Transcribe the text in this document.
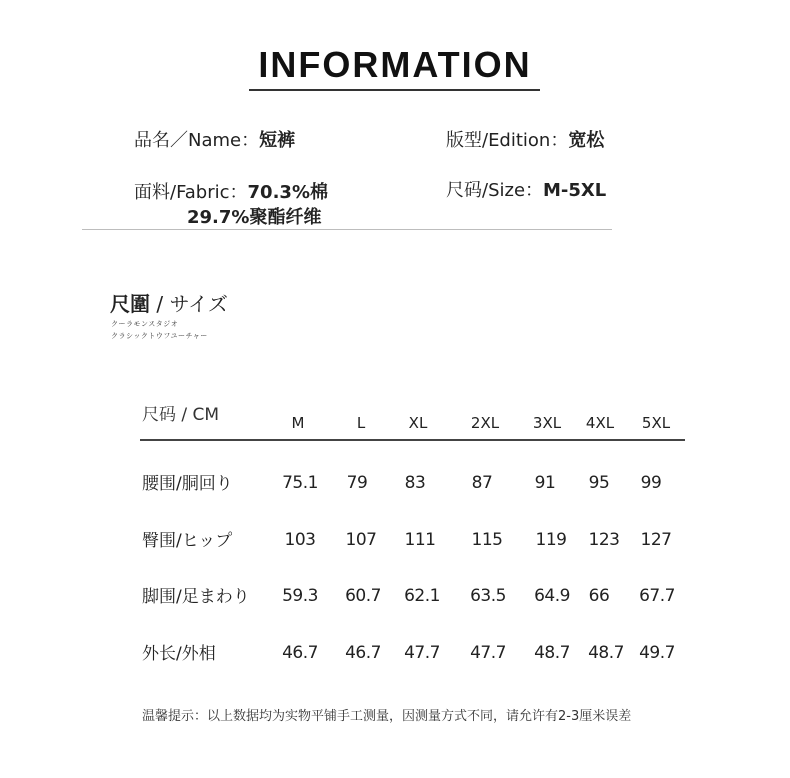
INFORMATION
品名／Name：短裤	版型/Edition：宽松
面料/Fabric：70.3%棉
29.7%聚酯纤维
尺码/Size：M-5XL
尺圍 / サイズ
クーラモンスタジオ
クラシックトウフユーチャー
尺码 / CM	M	L	XL	2XL	3XL	4XL	5XL
腰围/胴回り	75.1	79	83	87	91	95	99
臀围/ヒップ	103	107	111	115	119	123	127
脚围/足まわり	59.3	60.7	62.1	63.5	64.9	66	67.7
外长/外相	46.7	46.7	47.7	47.7	48.7	48.7 49.7
温馨提示：以上数据均为实物平铺手工测量，因测量方式不同，请允许有2-3厘米误差
